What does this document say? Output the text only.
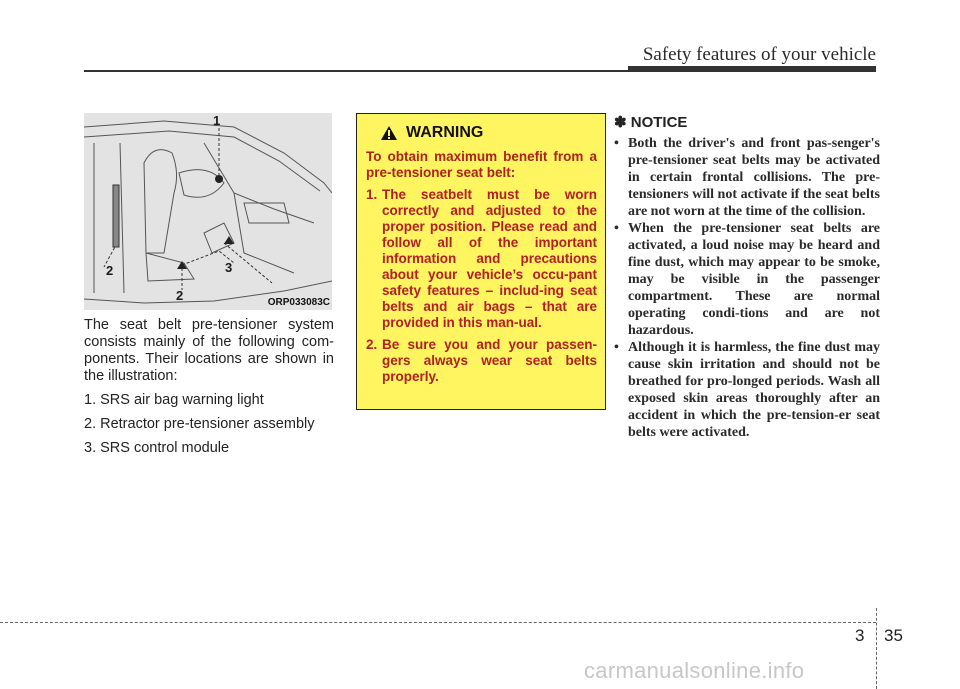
Safety features of your vehicle
1
2
2
3
ORP033083C

The seat belt pre-tensioner system consists mainly of the following com-ponents. Their locations are shown in the illustration:

1. SRS air bag warning light
2. Retractor pre-tensioner assembly
3. SRS control module
WARNING

To obtain maximum benefit from a pre-tensioner seat belt:

1. The seatbelt must be worn correctly and adjusted to the proper position. Please read and follow all of the important information and precautions about your vehicle’s occu-pant safety features – includ-ing seat belts and air bags – that are provided in this man-ual.
2. Be sure you and your passen-gers always wear seat belts properly.
✽ NOTICE
• Both the driver's and front pas-senger's pre-tensioner seat belts may be activated in certain frontal collisions. The pre-tensioners will not activate if the seat belts are not worn at the time of the collision.
• When the pre-tensioner seat belts are activated, a loud noise may be heard and fine dust, which may appear to be smoke, may be visible in the passenger compartment. These are normal operating condi-tions and are not hazardous.
• Although it is harmless, the fine dust may cause skin irritation and should not be breathed for pro-longed periods. Wash all exposed skin areas thoroughly after an accident in which the pre-tension-er seat belts were activated.
3 35
carmanualsonline.info
